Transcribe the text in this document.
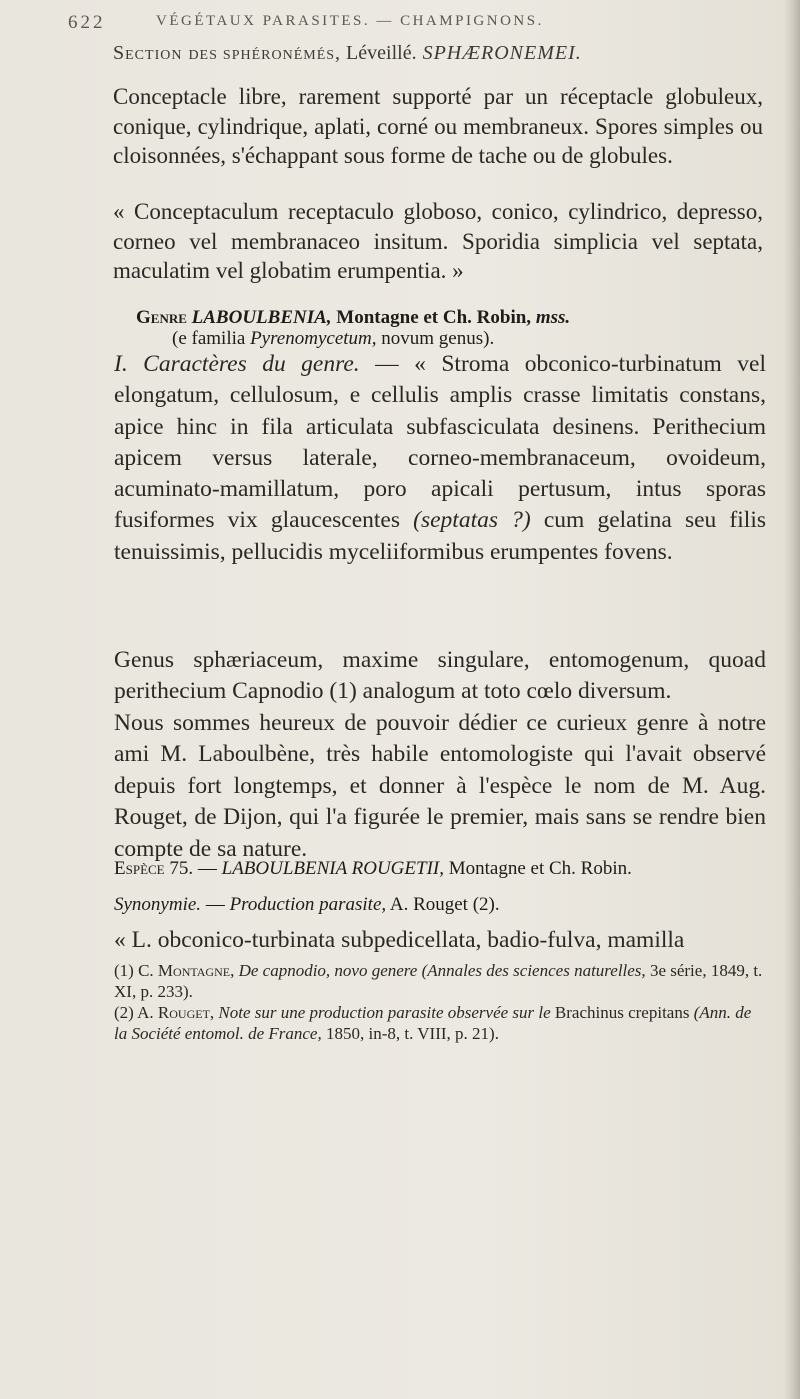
622	VÉGÉTAUX PARASITES. — CHAMPIGNONS.
Section des sphéronémés, Léveillé. SPHÆRONEMEI.

Conceptacle libre, rarement supporté par un réceptacle globuleux, conique, cylindrique, aplati, corné ou membraneux. Spores simples ou cloisonnées, s'échappant sous forme de tache ou de globules.

« Conceptaculum receptaculo globoso, conico, cylindrico, depresso, corneo vel membranaceo insitum. Sporidia simplicia vel septata, maculatim vel globatim erumpentia. »

Genre LABOULBENIA, Montagne et Ch. Robin, mss.
(e familia Pyrenomycetum, novum genus).

I. Caractères du genre. — « Stroma obconico-turbinatum vel elongatum, cellulosum, e cellulis amplis crasse limitatis constans, apice hinc in fila articulata subfasciculata desinens. Perithecium apicem versus laterale, corneo-membranaceum, ovoideum, acuminato-mamillatum, poro apicali pertusum, intus sporas fusiformes vix glaucescentes (septatas ?) cum gelatina seu filis tenuissimis, pellucidis myceliiformibus erumpentes fovens.

Genus sphæriaceum, maxime singulare, entomogenum, quoad perithecium Capnodio (1) analogum at toto cœlo diversum.

Nous sommes heureux de pouvoir dédier ce curieux genre à notre ami M. Laboulbène, très habile entomologiste qui l'avait observé depuis fort longtemps, et donner à l'espèce le nom de M. Aug. Rouget, de Dijon, qui l'a figurée le premier, mais sans se rendre bien compte de sa nature.

Espèce 75. — LABOULBENIA ROUGETII, Montagne et Ch. Robin.
Synonymie. — Production parasite, A. Rouget (2).

« L. obconico-turbinata subpedicellata, badio-fulva, mamilla

(1) C. Montagne, De capnodio, novo genere (Annales des sciences naturelles, 3e série, 1849, t. XI, p. 233).

(2) A. Rouget, Note sur une production parasite observée sur le Brachinus crepitans (Ann. de la Société entomol. de France, 1850, in-8, t. VIII, p. 21).
